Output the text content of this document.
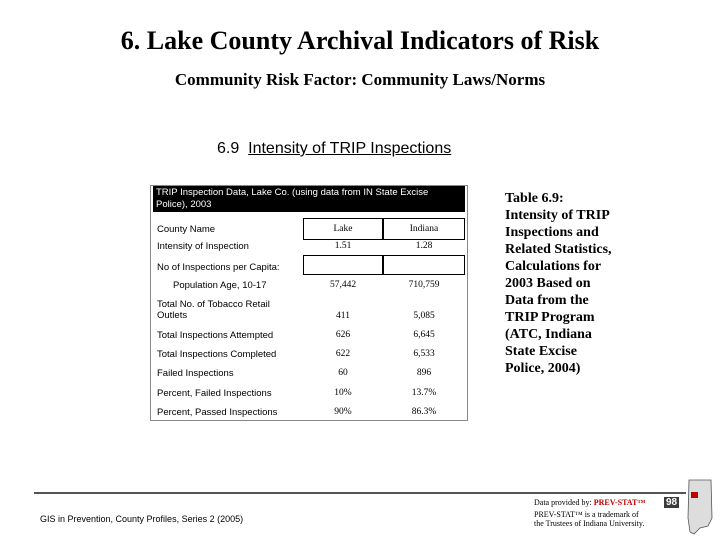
6. Lake County Archival Indicators of Risk
Community Risk Factor: Community Laws/Norms
6.9 Intensity of TRIP Inspections
TRIP Inspection Data, Lake Co. (using data from IN State Excise Police), 2003
County Name	Lake	Indiana
Intensity of Inspection	1.51	1.28
No of Inspections per Capita:
Population Age, 10-17	57,442	710,759
Total No. of Tobacco Retail Outlets	411	5,085
Total Inspections Attempted	626	6,645
Total Inspections Completed	622	6,533
Failed Inspections	60	896
Percent, Failed Inspections	10%	13.7%
Percent, Passed Inspections	90%	86.3%
Table 6.9: Intensity of TRIP Inspections and Related Statistics, Calculations for 2003 Based on Data from the TRIP Program (ATC, Indiana State Excise Police, 2004)
GIS in Prevention, County Profiles, Series 2 (2005)
Data provided by: PREV-STAT™
PREV-STAT™ is a trademark of
the Trustees of Indiana University.
98
